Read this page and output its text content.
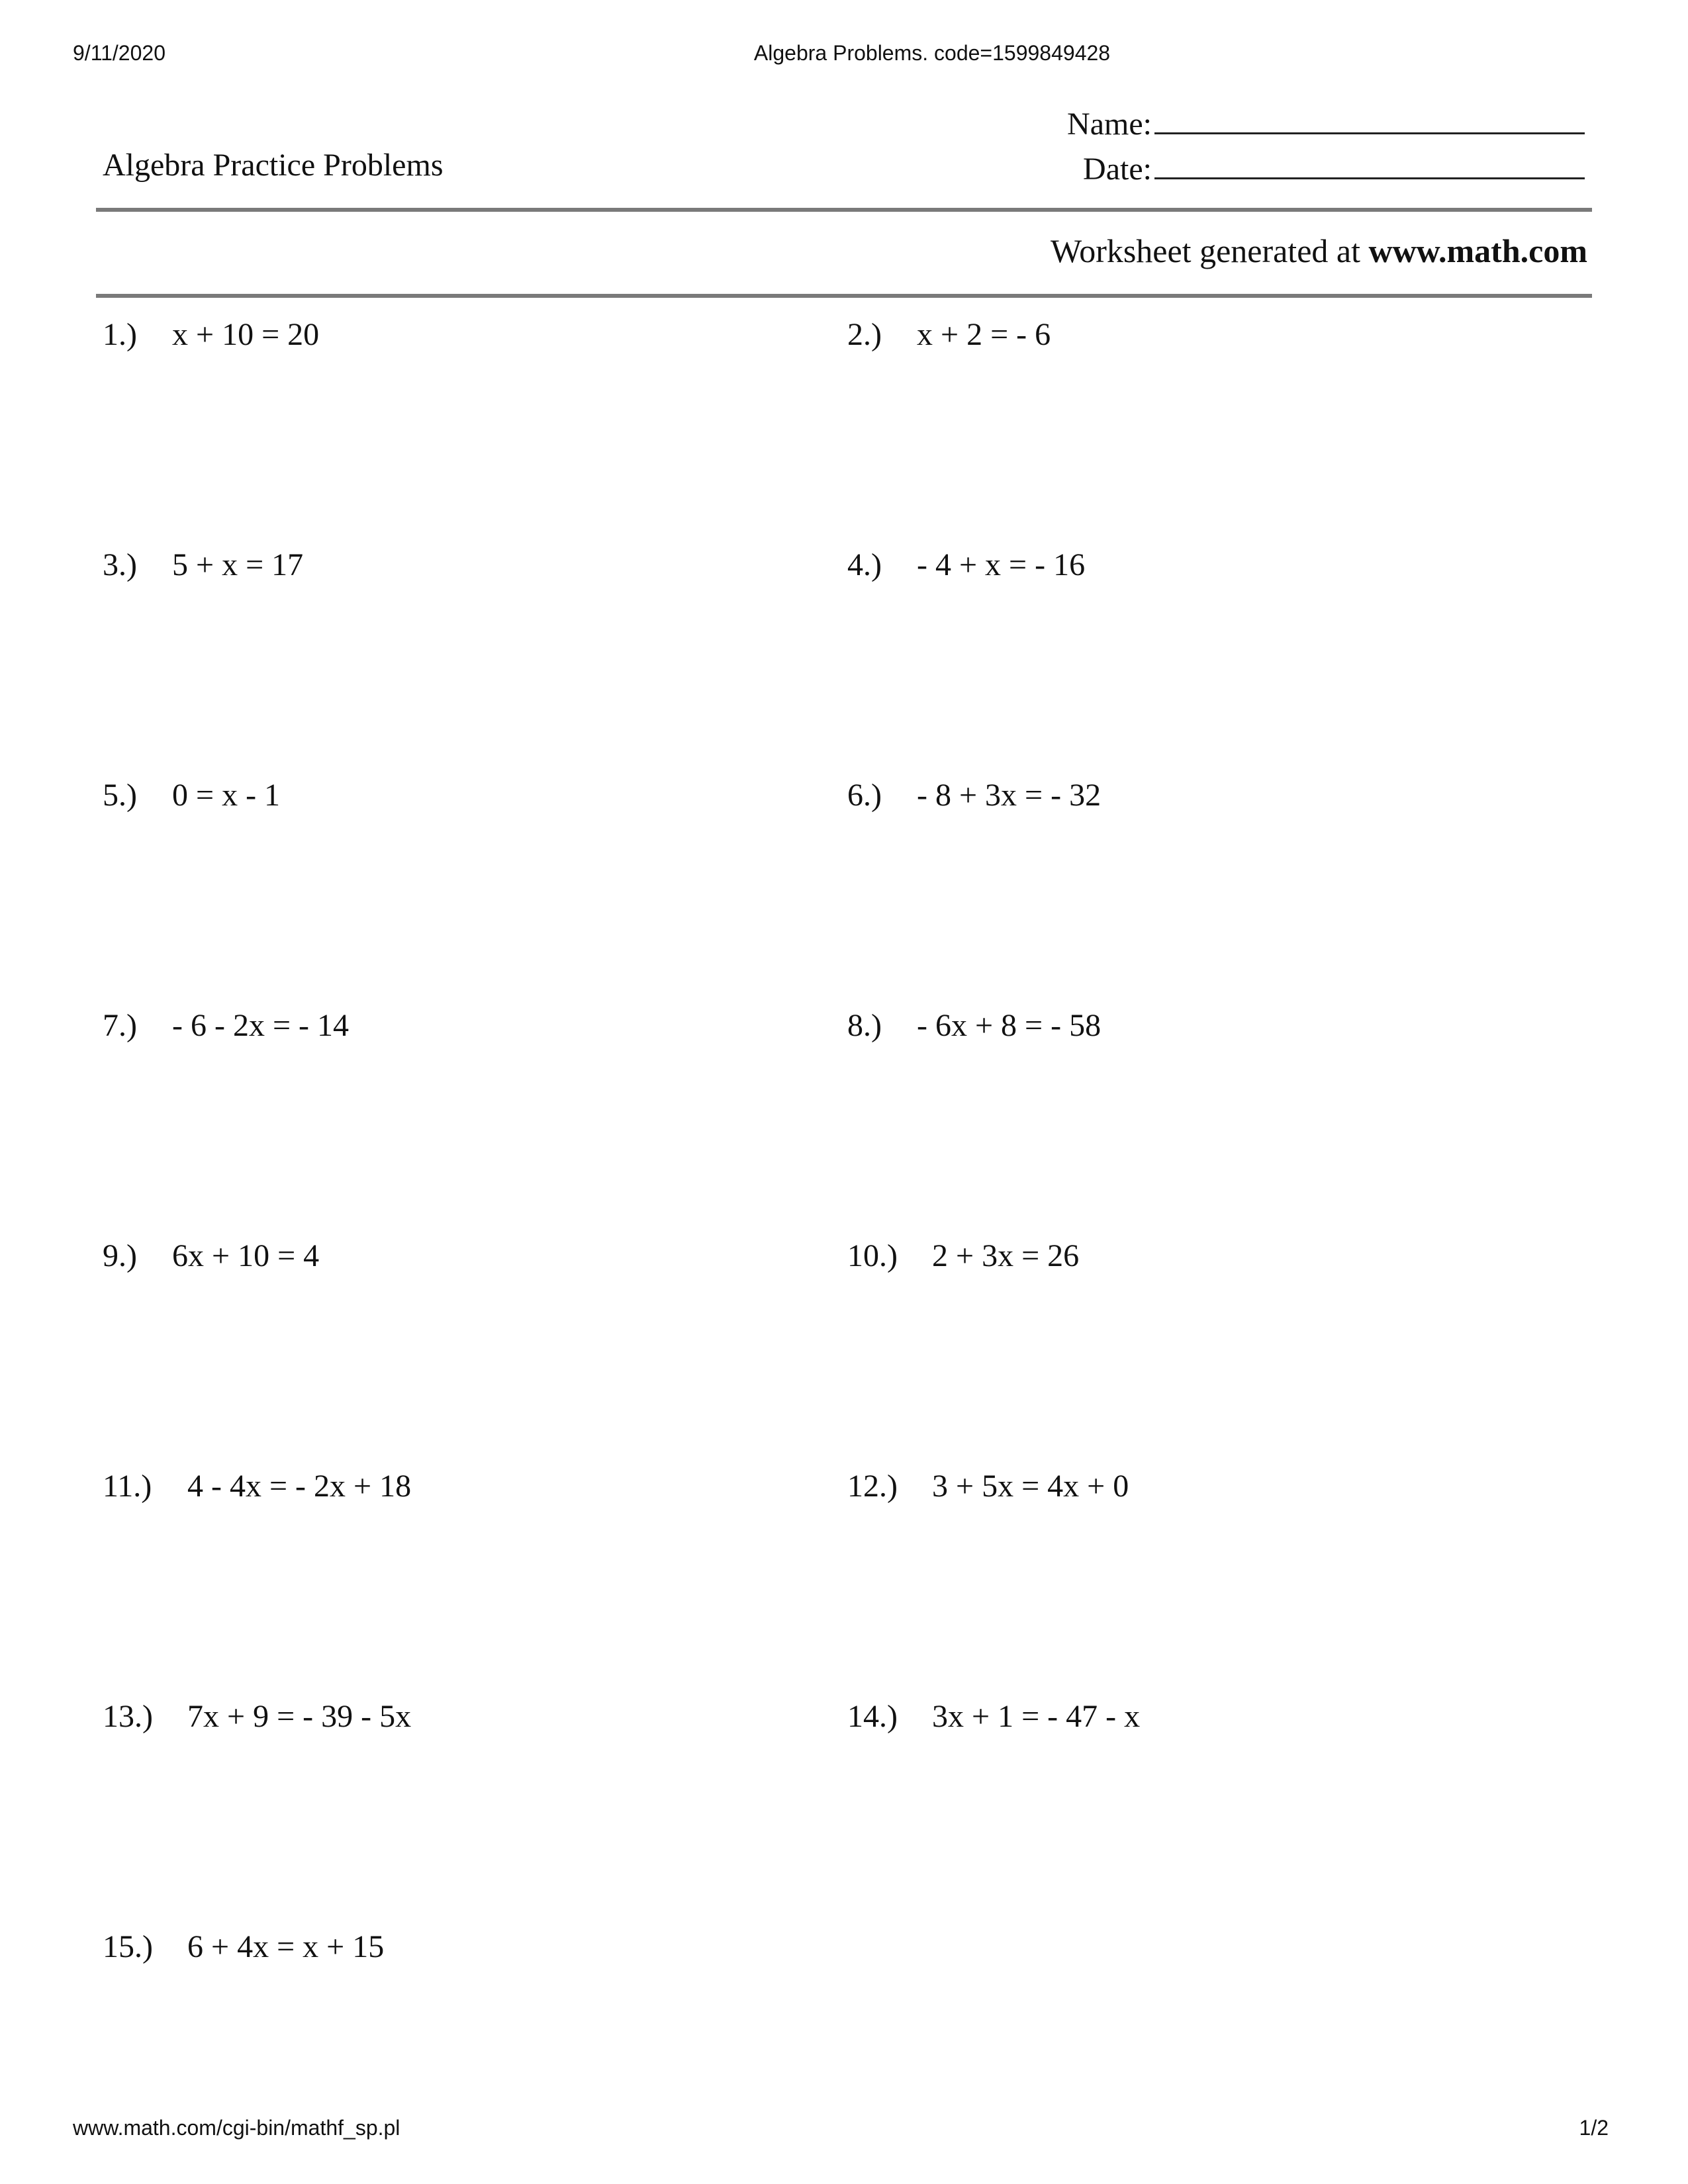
9/11/2020	Algebra Problems. code=1599849428
Algebra Practice Problems
Name:
Date:
Worksheet generated at www.math.com
1.) x + 10 = 20	2.) x + 2 = - 6
3.) 5 + x = 17	4.) - 4 + x = - 16
5.) 0 = x - 1	6.) - 8 + 3x = - 32
7.) - 6 - 2x = - 14	8.) - 6x + 8 = - 58
9.) 6x + 10 = 4	10.) 2 + 3x = 26
11.) 4 - 4x = - 2x + 18	12.) 3 + 5x = 4x + 0
13.) 7x + 9 = - 39 - 5x	14.) 3x + 1 = - 47 - x
15.) 6 + 4x = x + 15
www.math.com/cgi-bin/mathf_sp.pl	1/2
